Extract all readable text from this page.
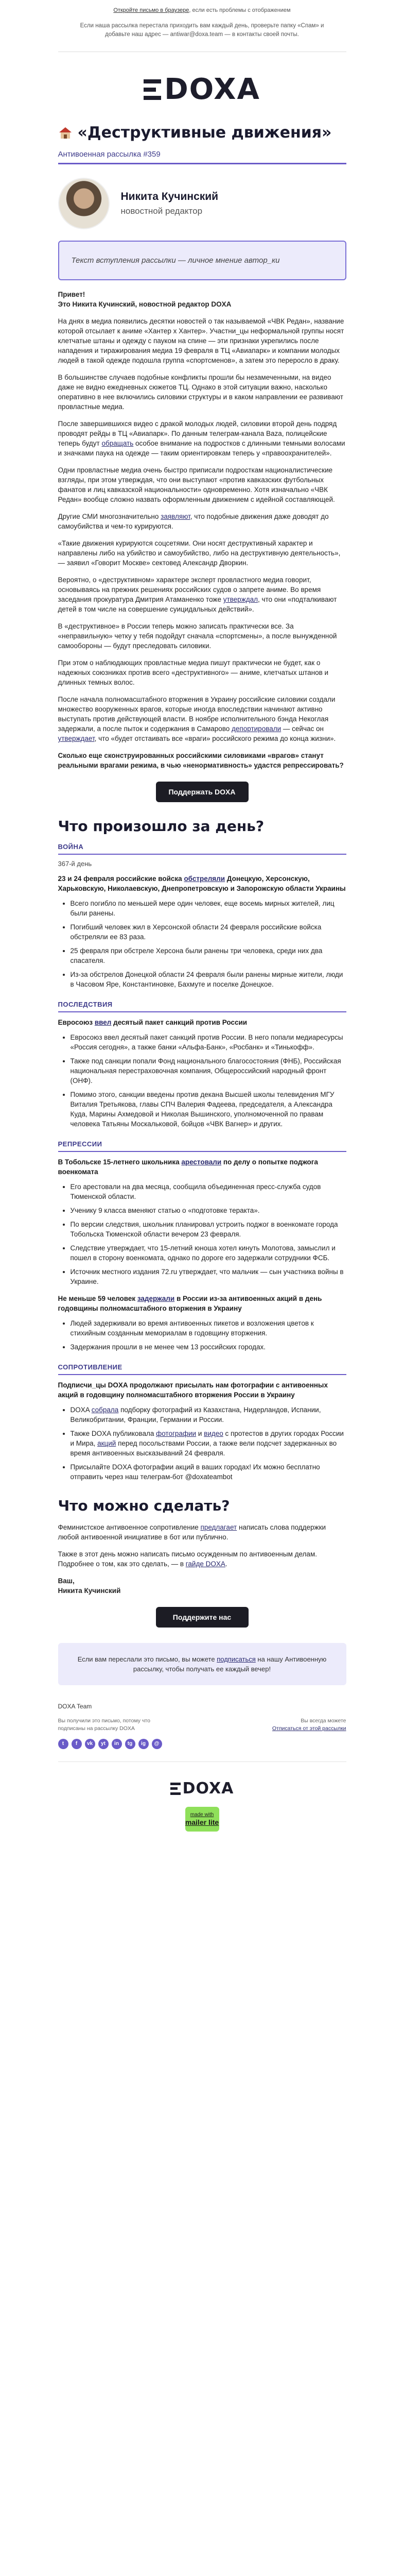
Откройте письмо в браузере, если есть проблемы с отображением
Если наша рассылка перестала приходить вам каждый день, проверьте папку «Спам» и добавьте наш адрес — antiwar@doxa.team — в контакты своей почты.
DOXA
«Деструктивные движения»
Антивоенная рассылка #359
Никита Кучинский
новостной редактор
Текст вступления рассылки — личное мнение автор_ки

Привет!

Это Никита Кучинский, новостной редактор DOXA

На днях в медиа появились десятки новостей о так называемой «ЧВК Редан», название которой отсылает к аниме «Хантер х Хантер». Участни_цы неформальной группы носят клетчатые штаны и одежду с пауком на спине — эти признаки укрепились после нападения и тиражирования медиа 19 февраля в ТЦ «Авиапарк» и компании молодых людей в такой одежде подошла группа «спортсменов», а затем это переросло в драку.

В большинстве случаев подобные конфликты прошли бы незамеченными, на видео даже не видно ежедневных сюжетов ТЦ. Однако в этой ситуации важно, насколько оперативно в нее включились силовики структуры и в каком направлении ее развивают провластные медиа.

После завершившихся видео с дракой молодых людей, силовики второй день подряд проводят рейды в ТЦ «Авиапарк». По данным телеграм-канала Baza, полицейские теперь будут обращать особое внимание на подростков с длинными темными волосами и значками паука на одежде — таким ориентировкам теперь у «правоохранителей».

Одни провластные медиа очень быстро приписали подросткам националистические взгляды, при этом утверждая, что они выступают «против кавказских футбольных фанатов и лиц кавказской национальности» одновременно. Хотя изначально «ЧВК Редан» вообще сложно назвать оформленным движением с идейной составляющей.

Другие СМИ многозначительно заявляют, что подобные движения даже доводят до самоубийства и чем-то курируются.

«Такие движения курируются соцсетями. Они носят деструктивный характер и направлены либо на убийство и самоубийство, либо на деструктивную деятельность», — заявил «Говорит Москве» сектовед Александр Дворкин.

Вероятно, о «деструктивном» характере эксперт провластного медиа говорит, основываясь на прежних решениях российских судов о запрете аниме. Во время заседания прокуратура Дмитрия Атаманенко тоже утверждал, что они «подталкивают детей в том числе на совершение суицидальных действий».

В «деструктивное» в России теперь можно записать практически все. За «неправильную» четку у тебя подойдут сначала «спортсмены», а после вынужденной самообороны — будут преследовать силовики.

При этом о наблюдающих провластные медиа пишут практически не будет, как о надежных союзниках против всего «деструктивного» — аниме, клетчатых штанов и длинных темных волос.

После начала полномасштабного вторжения в Украину российские силовики создали множество вооруженных врагов, которые иногда впоследствии начинают активно выступать против действующей власти. В ноябре исполнительного бэнда Некоглая задержали, а после пыток и содержания в Самарово депортировали — сейчас он утверждает, что «будет отстаивать все «враги» российского режима до конца жизни».

Сколько еще сконструированных российскими силовиками «врагов» станут реальными врагами режима, в чью «ненормативность» удастся репрессировать?

Поддержать DOXA
Что произошло за день?
ВОЙНА
367-й день
23 и 24 февраля российские войска обстреляли Донецкую, Херсонскую, Харьковскую, Николаевскую, Днепропетровскую и Запорожскую области Украины
• Всего погибло по меньшей мере один человек, еще восемь мирных жителей, лиц были ранены.
• Погибший человек жил в Херсонской области 24 февраля российские войска обстреляли ее 83 раза.
• 25 февраля при обстреле Херсона были ранены три человека, среди них два спасателя.
• Из-за обстрелов Донецкой области 24 февраля были ранены мирные жители, люди в Часовом Яре, Константиновке, Бахмуте и поселке Донецкое.
ПОСЛЕДСТВИЯ
Евросоюз ввел десятый пакет санкций против России
• Евросоюз ввел десятый пакет санкций против России. В него попали медиаресурсы «Россия сегодня», а также банки «Альфа-Банк», «Росбанк» и «Тинькофф».
• Также под санкции попали Фонд национального благосостояния (ФНБ), Российская национальная перестраховочная компания, Общероссийский народный фронт (ОНФ).
• Помимо этого, санкции введены против деканa Высшей школы телевидения МГУ Виталия Третьякова, главы СПЧ Валерия Фадеева, председателя, а Александра Куда, Марины Ахмедовой и Николая Вышинского, уполномоченной по правам человека Татьяны Москальковой, бойцов «ЧВК Вагнер» и других.
РЕПРЕССИИ
В Тобольске 15-летнего школьника арестовали по делу о попытке поджога военкомата
• Его арестовали на два месяца, сообщила объединенная пресс-служба судов Тюменской области.
• Ученику 9 класса вменяют статью о «подготовке теракта».
• По версии следствия, школьник планировал устроить поджог в военкомате города Тобольска Тюменской области вечером 23 февраля.
• Следствие утверждает, что 15-летний юноша хотел кинуть Молотова, замыслил и пошел в сторону военкомата, однако по дороге его задержали сотрудники ФСБ.
• Источник местного издания 72.ru утверждает, что мальчик — сын участника войны в Украине.
Не меньше 59 человек задержали в России из-за антивоенных акций в день годовщины полномасштабного вторжения в Украину
• Людей задерживали во время антивоенных пикетов и возложения цветов к стихийным созданным мемориалам в годовщину вторжения.
• Задержания прошли в не менее чем 13 российских городах.
СОПРОТИВЛЕНИЕ
Подписчи_цы DOXA продолжают присылать нам фотографии с антивоенных акций в годовщину полномасштабного вторжения России в Украину
• DOXA собрала подборку фотографий из Казахстана, Нидерландов, Испании, Великобритании, Франции, Германии и России.
• Также DOXA публиковала фотографии и видео с протестов в других городах России и Мира, акций перед посольствами России, а также вели подсчет задержанных во время антивоенных высказываний 24 февраля.
• Присылайте DOXA фотографии акций в ваших городах! Их можно бесплатно отправить через наш телеграм-бот @doxateambot
Что можно сделать?

Феминистское антивоенное сопротивление предлагает написать слова поддержки любой антивоенной инициативе в бот или публично.

Также в этот день можно написать письмо осужденным по антивоенным делам. Подробнее о том, как это сделать, — в гайде DOXA.

Ваш,

Никита Кучинский

Поддержите нас
Если вам переслали это письмо, вы можете подписаться на нашу Антивоенную рассылку, чтобы получать ее каждый вечер!
DOXA Team
Вы получили это письмо, потому что
подписаны на рассылку DOXA
Вы всегда можете
Отписаться от этой рассылки
t	f	vk	yt	in	tg	ig	@
DOXA
made with
mailer lite
